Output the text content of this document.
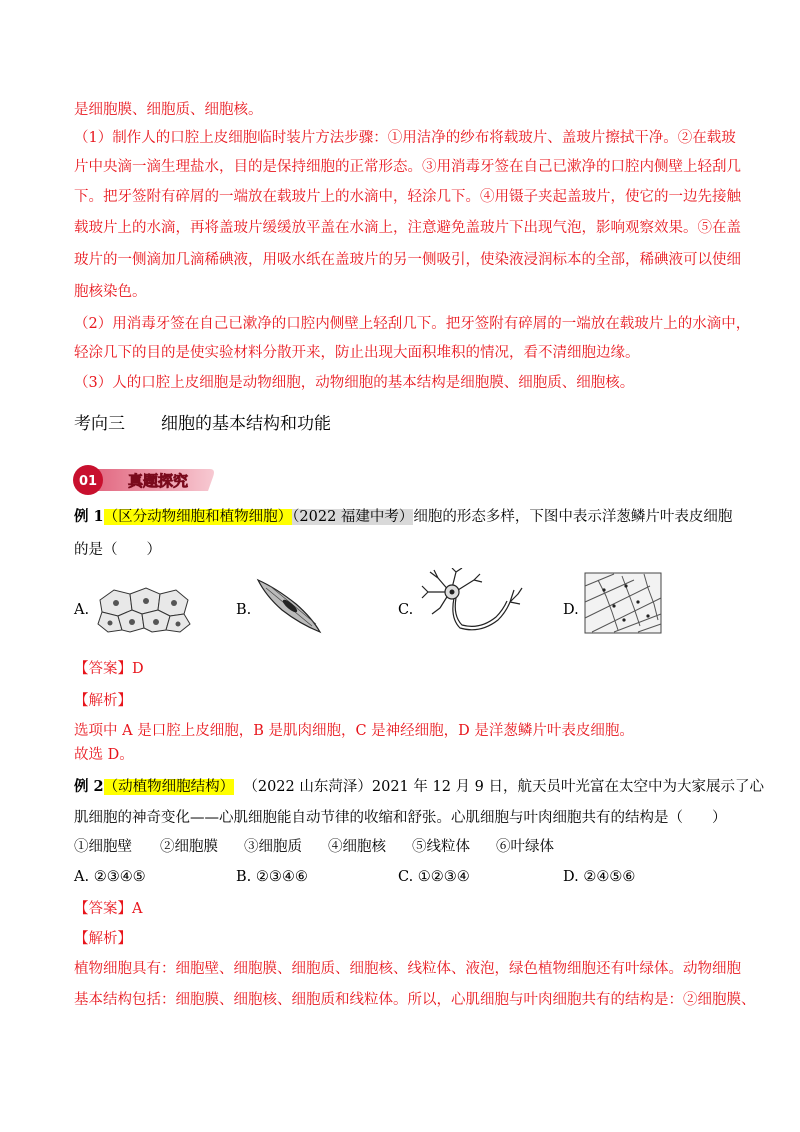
是细胞膜、细胞质、细胞核。
（1）制作人的口腔上皮细胞临时装片方法步骤：①用洁净的纱布将载玻片、盖玻片擦拭干净。②在载玻
片中央滴一滴生理盐水，目的是保持细胞的正常形态。③用消毒牙签在自己已漱净的口腔内侧壁上轻刮几
下。把牙签附有碎屑的一端放在载玻片上的水滴中，轻涂几下。④用镊子夹起盖玻片，使它的一边先接触
载玻片上的水滴，再将盖玻片缓缓放平盖在水滴上，注意避免盖玻片下出现气泡，影响观察效果。⑤在盖
玻片的一侧滴加几滴稀碘液，用吸水纸在盖玻片的另一侧吸引，使染液浸润标本的全部，稀碘液可以使细
胞核染色。
（2）用消毒牙签在自己已漱净的口腔内侧壁上轻刮几下。把牙签附有碎屑的一端放在载玻片上的水滴中，
轻涂几下的目的是使实验材料分散开来，防止出现大面积堆积的情况，看不清细胞边缘。
（3）人的口腔上皮细胞是动物细胞，动物细胞的基本结构是细胞膜、细胞质、细胞核。
考向三 细胞的基本结构和功能
01 真题探究
例 1（区分动物细胞和植物细胞）（2022 福建中考）细胞的形态多样，下图中表示洋葱鳞片叶表皮细胞
的是（　　）
A.	B.	C.	D.
【答案】D
【解析】
选项中 A 是口腔上皮细胞，B 是肌肉细胞，C 是神经细胞，D 是洋葱鳞片叶表皮细胞。
故选 D。
例 2（动植物细胞结构） （2022 山东菏泽）2021 年 12 月 9 日，航天员叶光富在太空中为大家展示了心
肌细胞的神奇变化——心肌细胞能自动节律的收缩和舒张。心肌细胞与叶肉细胞共有的结构是（　　）
①细胞壁 ②细胞膜 ③细胞质 ④细胞核 ⑤线粒体 ⑥叶绿体
A. ②③④⑤	B. ②③④⑥	C. ①②③④	D. ②④⑤⑥
【答案】A
【解析】
植物细胞具有：细胞壁、细胞膜、细胞质、细胞核、线粒体、液泡，绿色植物细胞还有叶绿体。动物细胞
基本结构包括：细胞膜、细胞核、细胞质和线粒体。所以，心肌细胞与叶肉细胞共有的结构是：②细胞膜、
